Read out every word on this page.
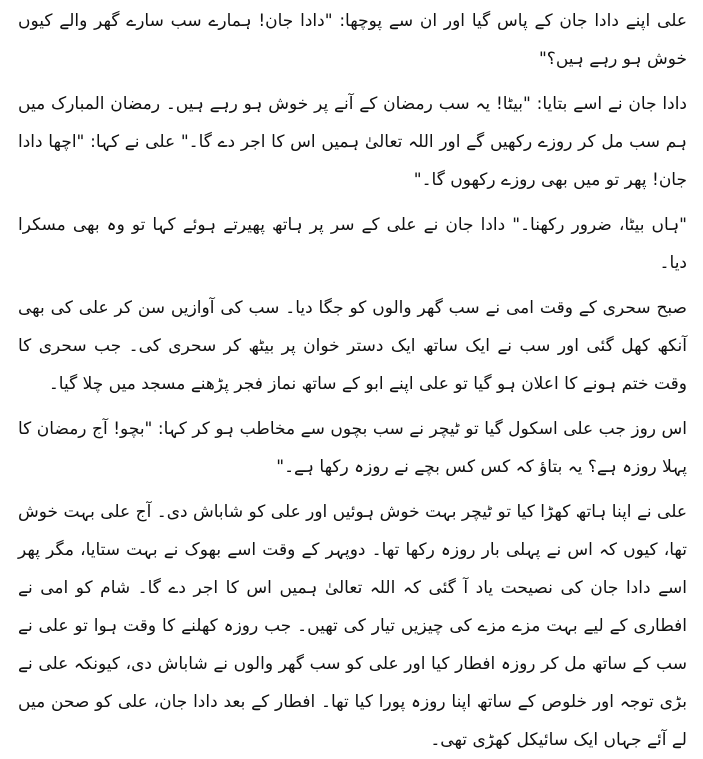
علی اپنے دادا جان کے پاس گیا اور ان سے پوچھا: "دادا جان! ہمارے سب سارے گھر والے کیوں خوش ہو رہے ہیں؟"

دادا جان نے اسے بتایا: "بیٹا! یہ سب رمضان کے آنے پر خوش ہو رہے ہیں۔ رمضان المبارک میں ہم سب مل کر روزے رکھیں گے اور اللہ تعالیٰ ہمیں اس کا اجر دے گا۔" علی نے کہا: "اچھا دادا جان! پھر تو میں بھی روزے رکھوں گا۔"

"ہاں بیٹا، ضرور رکھنا۔" دادا جان نے علی کے سر پر ہاتھ پھیرتے ہوئے کہا تو وہ بھی مسکرا دیا۔

صبح سحری کے وقت امی نے سب گھر والوں کو جگا دیا۔ سب کی آوازیں سن کر علی کی بھی آنکھ کھل گئی اور سب نے ایک ساتھ ایک دستر خوان پر بیٹھ کر سحری کی۔ جب سحری کا وقت ختم ہونے کا اعلان ہو گیا تو علی اپنے ابو کے ساتھ نماز فجر پڑھنے مسجد میں چلا گیا۔

اس روز جب علی اسکول گیا تو ٹیچر نے سب بچوں سے مخاطب ہو کر کہا: "بچو! آج رمضان کا پہلا روزہ ہے؟ یہ بتاؤ کہ کس کس بچے نے روزہ رکھا ہے۔"

علی نے اپنا ہاتھ کھڑا کیا تو ٹیچر بہت خوش ہوئیں اور علی کو شاباش دی۔ آج علی بہت خوش تھا، کیوں کہ اس نے پہلی بار روزہ رکھا تھا۔ دوپہر کے وقت اسے بھوک نے بہت ستایا، مگر پھر اسے دادا جان کی نصیحت یاد آ گئی کہ اللہ تعالیٰ ہمیں اس کا اجر دے گا۔ شام کو امی نے افطاری کے لیے بہت مزے مزے کی چیزیں تیار کی تھیں۔ جب روزہ کھلنے کا وقت ہوا تو علی نے سب کے ساتھ مل کر روزہ افطار کیا اور علی کو سب گھر والوں نے شاباش دی، کیونکہ علی نے بڑی توجہ اور خلوص کے ساتھ اپنا روزہ پورا کیا تھا۔ افطار کے بعد دادا جان، علی کو صحن میں لے آئے جہاں ایک سائیکل کھڑی تھی۔
